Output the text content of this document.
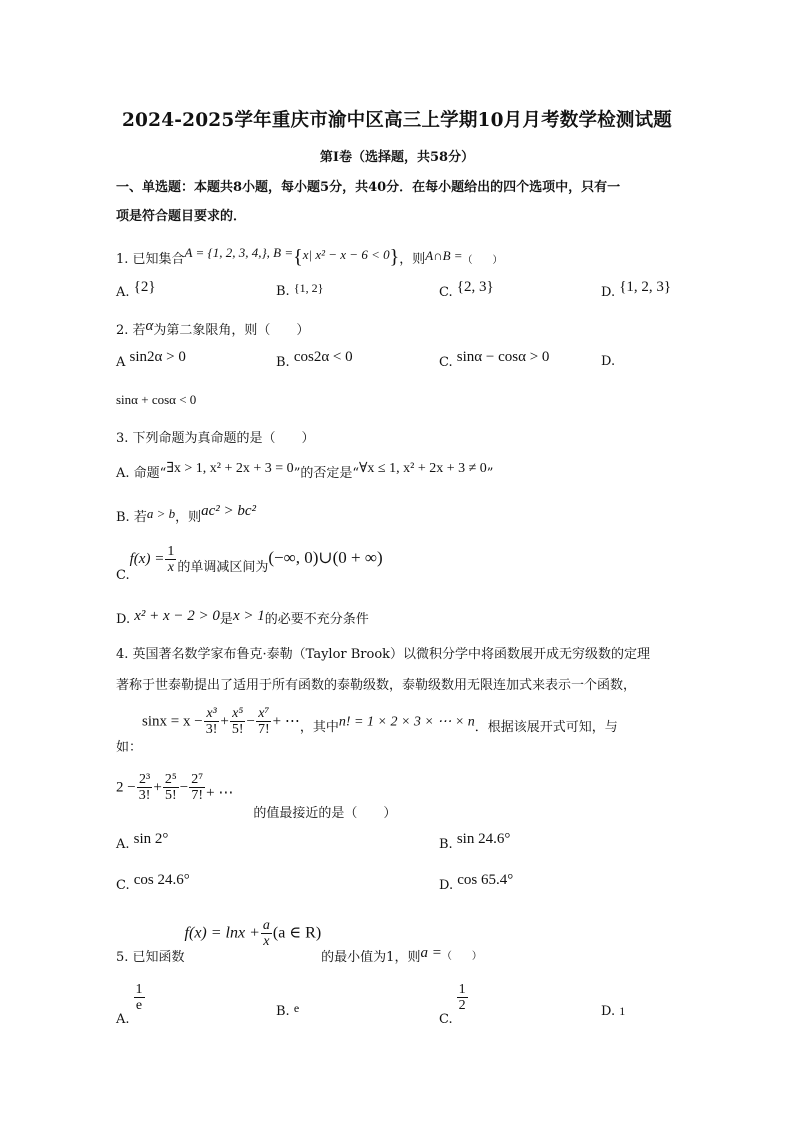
2024-2025学年重庆市渝中区高三上学期10月月考数学检测试题
第Ⅰ卷（选择题，共58分）
一、单选题：本题共8小题，每小题5分，共40分．在每小题给出的四个选项中，只有一
项是符合题目要求的．
1. 已知集合A = {1, 2, 3, 4,}, B ={x| x² − x − 6 < 0}，则A∩B =（　　）
A. {2}	B. {1, 2}	C. {2, 3}	D. {1, 2, 3}
2. 若α为第二象限角，则（　　）
A sin2α > 0	B. cos2α < 0	C. sinα − cosα > 0	D.
sinα + cosα < 0
3. 下列命题为真命题的是（　　）
A. 命题“∃x > 1, x² + 2x + 3 = 0”的否定是“∀x ≤ 1, x² + 2x + 3 ≠ 0”
B. 若a > b，则ac² > bc²
$C.f(x) = \frac{1}{x}$ 的单调减区间为(−∞, 0)∪(0 + ∞)
D. x² + x − 2 > 0是x > 1的必要不充分条件
4. 英国著名数学家布鲁克·泰勒（Taylor Brook）以微积分学中将函数展开成无穷级数的定理
著称于世泰勒提出了适用于所有函数的泰勒级数，泰勒级数用无限连加式来表示一个函数，
如：$\sin x = x - \frac{\text{x³}}{3!} + \frac{\text{x⁵}}{5!} - \frac{\text{x⁷}}{7!}$ + ⋯，其中n! = 1 × 2 × 3 × ⋯ × n．根据该展开式可知，与
$2 - \frac{\text{2³}}{3!} + \frac{\text{2⁵}}{5!} - \frac{\text{2⁷}}{7!}$ + ⋯的值最接近的是（　　）
A. sin 2°	B. sin 24.6°
C. cos 24.6°	D. cos 65.4°
5. 已知函数$f(x) = \ln x + \frac{a}{x} (a$ ∈ R)的最小值为1，则$a =_{( )}$
A.
$\frac{1}{e}$	B. e
C.
$\frac{1}{2}$	D. 1
